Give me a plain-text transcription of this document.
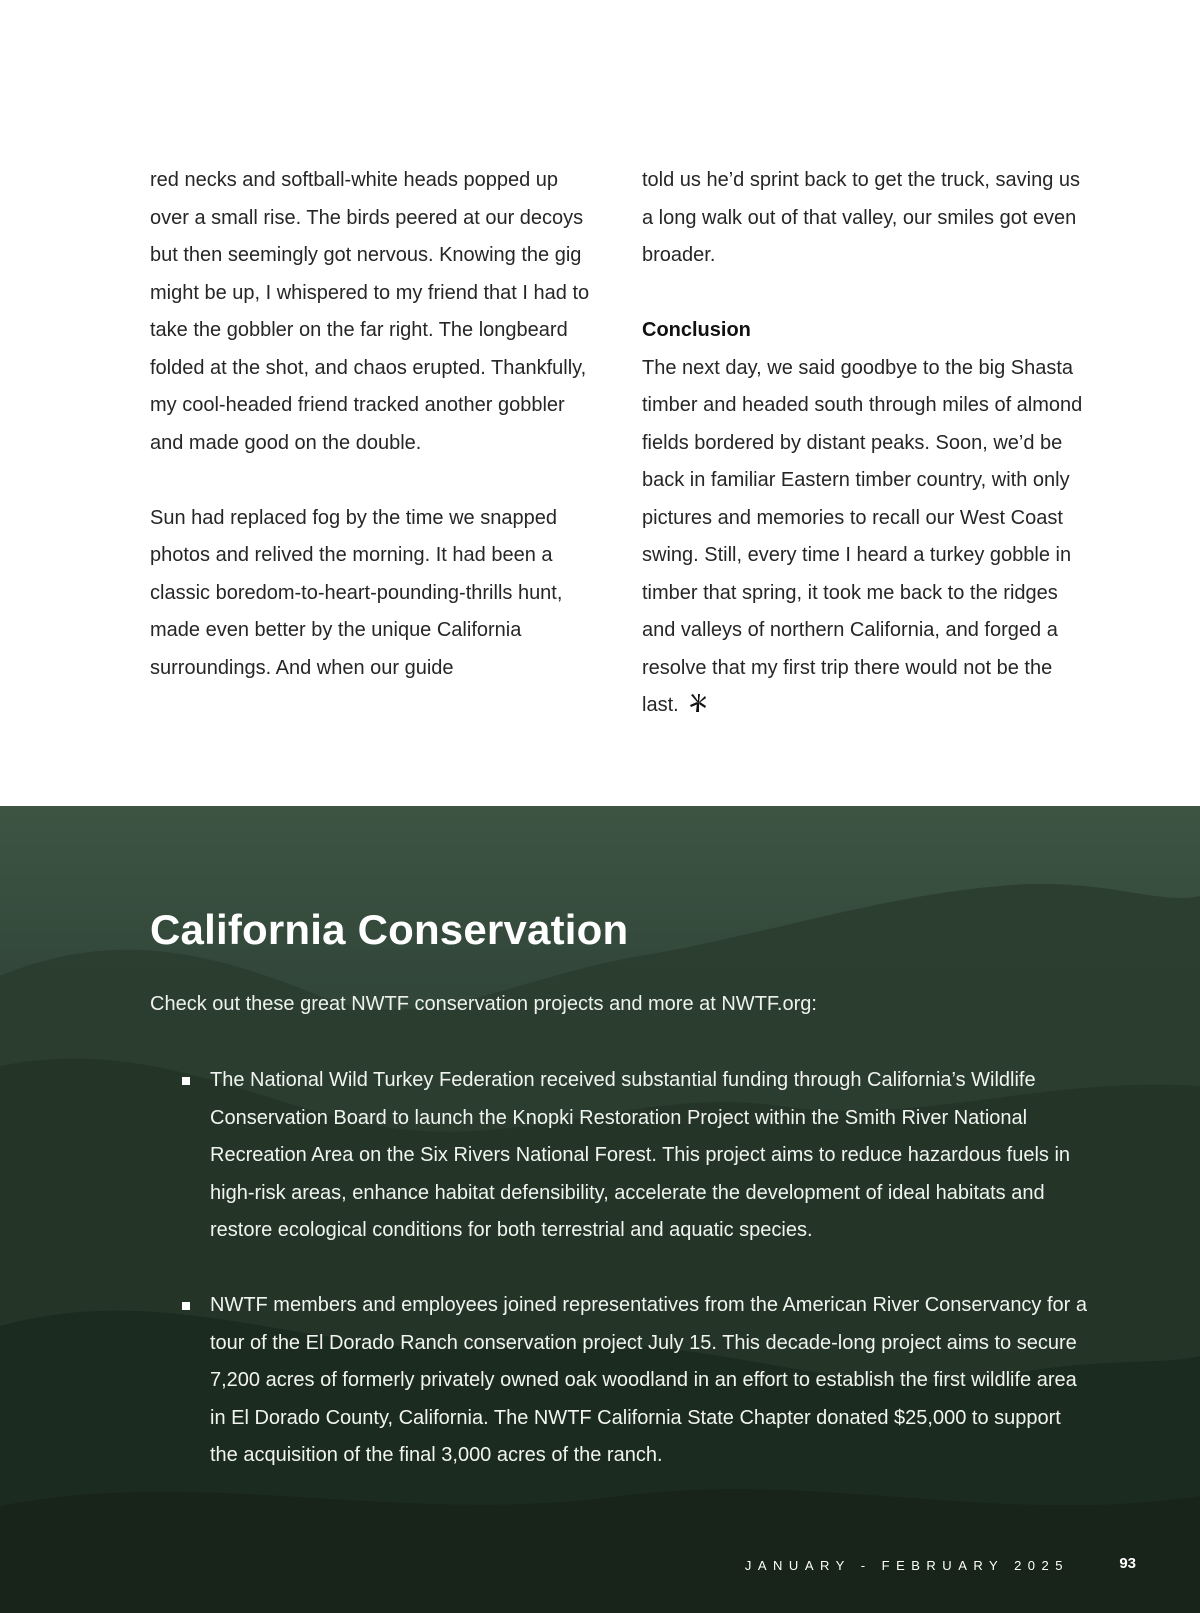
red necks and softball-white heads popped up over a small rise. The birds peered at our decoys but then seemingly got nervous. Knowing the gig might be up, I whispered to my friend that I had to take the gobbler on the far right. The longbeard folded at the shot, and chaos erupted. Thankfully, my cool-headed friend tracked another gobbler and made good on the double.

Sun had replaced fog by the time we snapped photos and relived the morning. It had been a classic boredom-to-heart-pounding-thrills hunt, made even better by the unique California surroundings. And when our guide

told us he’d sprint back to get the truck, saving us a long walk out of that valley, our smiles got even broader.

Conclusion
The next day, we said goodbye to the big Shasta timber and headed south through miles of almond fields bordered by distant peaks. Soon, we’d be back in familiar Eastern timber country, with only pictures and memories to recall our West Coast swing. Still, every time I heard a turkey gobble in timber that spring, it took me back to the ridges and valleys of northern California, and forged a resolve that my first trip there would not be the last.

California Conservation
Check out these great NWTF conservation projects and more at NWTF.org:
The National Wild Turkey Federation received substantial funding through California’s Wildlife Conservation Board to launch the Knopki Restoration Project within the Smith River National Recreation Area on the Six Rivers National Forest. This project aims to reduce hazardous fuels in high-risk areas, enhance habitat defensibility, accelerate the development of ideal habitats and restore ecological conditions for both terrestrial and aquatic species.
NWTF members and employees joined representatives from the American River Conservancy for a tour of the El Dorado Ranch conservation project July 15. This decade-long project aims to secure 7,200 acres of formerly privately owned oak woodland in an effort to establish the first wildlife area in El Dorado County, California. The NWTF California State Chapter donated $25,000 to support the acquisition of the final 3,000 acres of the ranch.
JANUARY - FEBRUARY 2025	93
